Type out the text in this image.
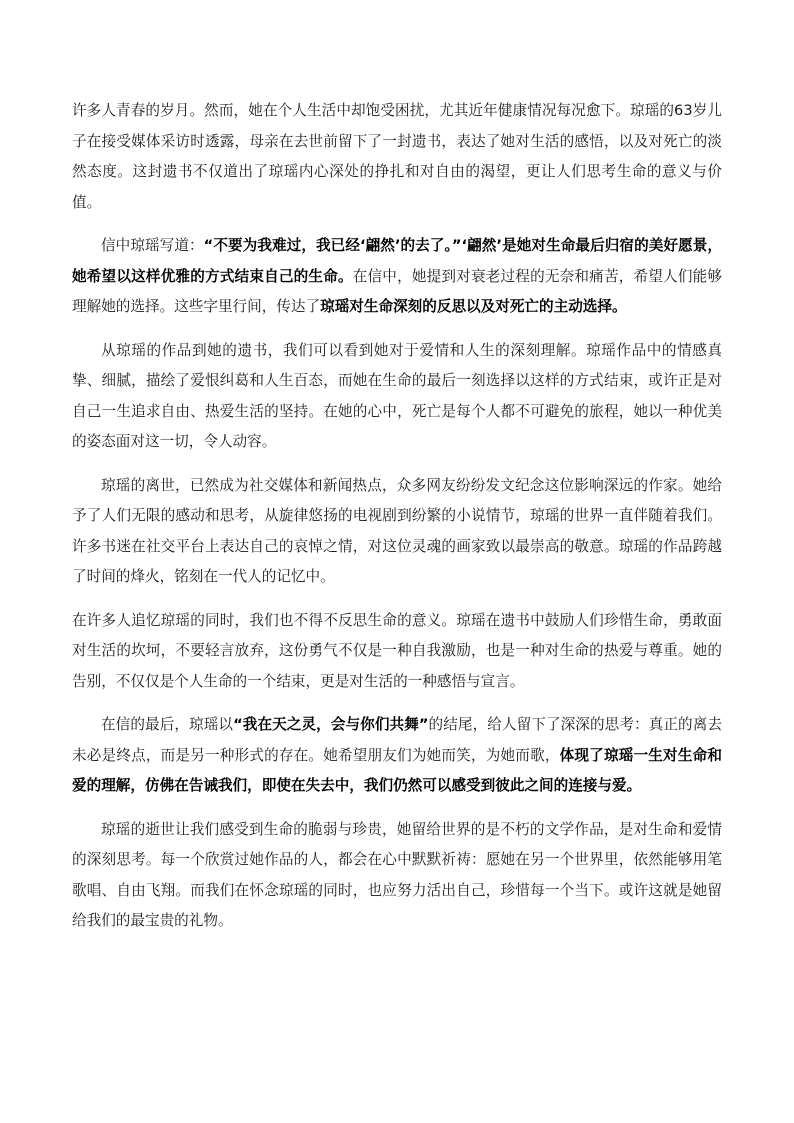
许多人青春的岁月。然而，她在个人生活中却饱受困扰，尤其近年健康情况每况愈下。琼瑶的63岁儿子在接受媒体采访时透露，母亲在去世前留下了一封遗书，表达了她对生活的感悟，以及对死亡的淡然态度。这封遗书不仅道出了琼瑶内心深处的挣扎和对自由的渴望，更让人们思考生命的意义与价值。

信中琼瑶写道：“不要为我难过，我已经‘翩然’的去了。”‘翩然’是她对生命最后归宿的美好愿景，她希望以这样优雅的方式结束自己的生命。在信中，她提到对衰老过程的无奈和痛苦，希望人们能够理解她的选择。这些字里行间，传达了琼瑶对生命深刻的反思以及对死亡的主动选择。

从琼瑶的作品到她的遗书，我们可以看到她对于爱情和人生的深刻理解。琼瑶作品中的情感真挚、细腻，描绘了爱恨纠葛和人生百态，而她在生命的最后一刻选择以这样的方式结束，或许正是对自己一生追求自由、热爱生活的坚持。在她的心中，死亡是每个人都不可避免的旅程，她以一种优美的姿态面对这一切，令人动容。

琼瑶的离世，已然成为社交媒体和新闻热点，众多网友纷纷发文纪念这位影响深远的作家。她给予了人们无限的感动和思考，从旋律悠扬的电视剧到纷繁的小说情节，琼瑶的世界一直伴随着我们。许多书迷在社交平台上表达自己的哀悼之情，对这位灵魂的画家致以最崇高的敬意。琼瑶的作品跨越了时间的烽火，铭刻在一代人的记忆中。

在许多人追忆琼瑶的同时，我们也不得不反思生命的意义。琼瑶在遗书中鼓励人们珍惜生命，勇敢面对生活的坎坷，不要轻言放弃，这份勇气不仅是一种自我激励，也是一种对生命的热爱与尊重。她的告别，不仅仅是个人生命的一个结束，更是对生活的一种感悟与宣言。

在信的最后，琼瑶以“我在天之灵，会与你们共舞”的结尾，给人留下了深深的思考：真正的离去未必是终点，而是另一种形式的存在。她希望朋友们为她而笑，为她而歌，体现了琼瑶一生对生命和爱的理解，仿佛在告诫我们，即使在失去中，我们仍然可以感受到彼此之间的连接与爱。

琼瑶的逝世让我们感受到生命的脆弱与珍贵，她留给世界的是不朽的文学作品，是对生命和爱情的深刻思考。每一个欣赏过她作品的人，都会在心中默默祈祷：愿她在另一个世界里，依然能够用笔歌唱、自由飞翔。而我们在怀念琼瑶的同时，也应努力活出自己，珍惜每一个当下。或许这就是她留给我们的最宝贵的礼物。
